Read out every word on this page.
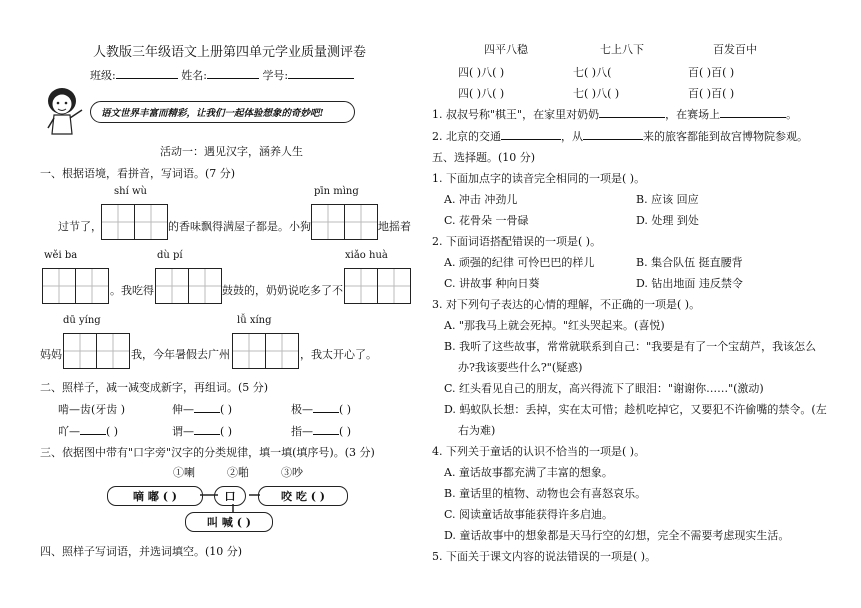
人教版三年级语文上册第四单元学业质量测评卷
班级:	姓名:	学号:
语文世界丰富而精彩，让我们一起体验想象的奇妙吧!
活动一：遇见汉字，涵养人生
一、根据语境，看拼音，写词语。(7 分)
shí wù	pīn mìng
过节了，	的香味飘得满屋子都是。小狗	地摇着
wěi ba	dù pí	xiǎo huà
。我吃得	鼓鼓的，奶奶说吃多了不
dū yíng	lǚ xíng
妈妈	我，今年暑假去广州	，我太开心了。
二、照样子，减一减变成新字，再组词。(5 分)
啃—齿(牙齿 )	伸— ( )	极— ( )
吖— ( )	谓— ( )	指— ( )
三、依据图中带有"口字旁"汉字的分类规律，填一填(填序号)。(3 分)
①喇	②啪	③吵
嘀 嘟 ( )	口	咬 吃 ( )
叫 喊 ( )
四、照样子写词语，并选词填空。(10 分)
四平八稳	七上八下	百发百中
四( )八( )	七( )八(	百( )百( )
四( )八( )	七( )八( )	百( )百( )
1. 叔叔号称"棋王"，在家里对奶奶	，在赛场上	。
2. 北京的交通	，从	来的旅客都能到故宫博物院参观。
五、选择题。(10 分)
1. 下面加点字的读音完全相同的一项是( )。
A. 冲击 冲劲儿	B. 应该 回应
C. 花骨朵 一骨碌	D. 处理 到处
2. 下面词语搭配错误的一项是( )。
A. 顽强的纪律 可怜巴巴的样儿	B. 集合队伍 挺直腰背
C. 讲故事 种向日葵	D. 钻出地面 违反禁令
3. 对下列句子表达的心情的理解，不正确的一项是( )。
A. "那我马上就会死掉。"红头哭起来。(喜悦)
B. 我听了这些故事，常常就联系到自己："我要是有了一个宝葫芦，我该怎么
办?我该要些什么?"(疑惑)
C. 红头看见自己的朋友，高兴得流下了眼泪："谢谢你……"(激动)
D. 蚂蚁队长想：丢掉，实在太可惜；趁机吃掉它，又要犯不许偷嘴的禁令。(左
右为难)
4. 下列关于童话的认识不恰当的一项是( )。
A. 童话故事都充满了丰富的想象。
B. 童话里的植物、动物也会有喜怒哀乐。
C. 阅读童话故事能获得许多启迪。
D. 童话故事中的想象都是天马行空的幻想，完全不需要考虑现实生活。
5. 下面关于课文内容的说法错误的一项是( )。
